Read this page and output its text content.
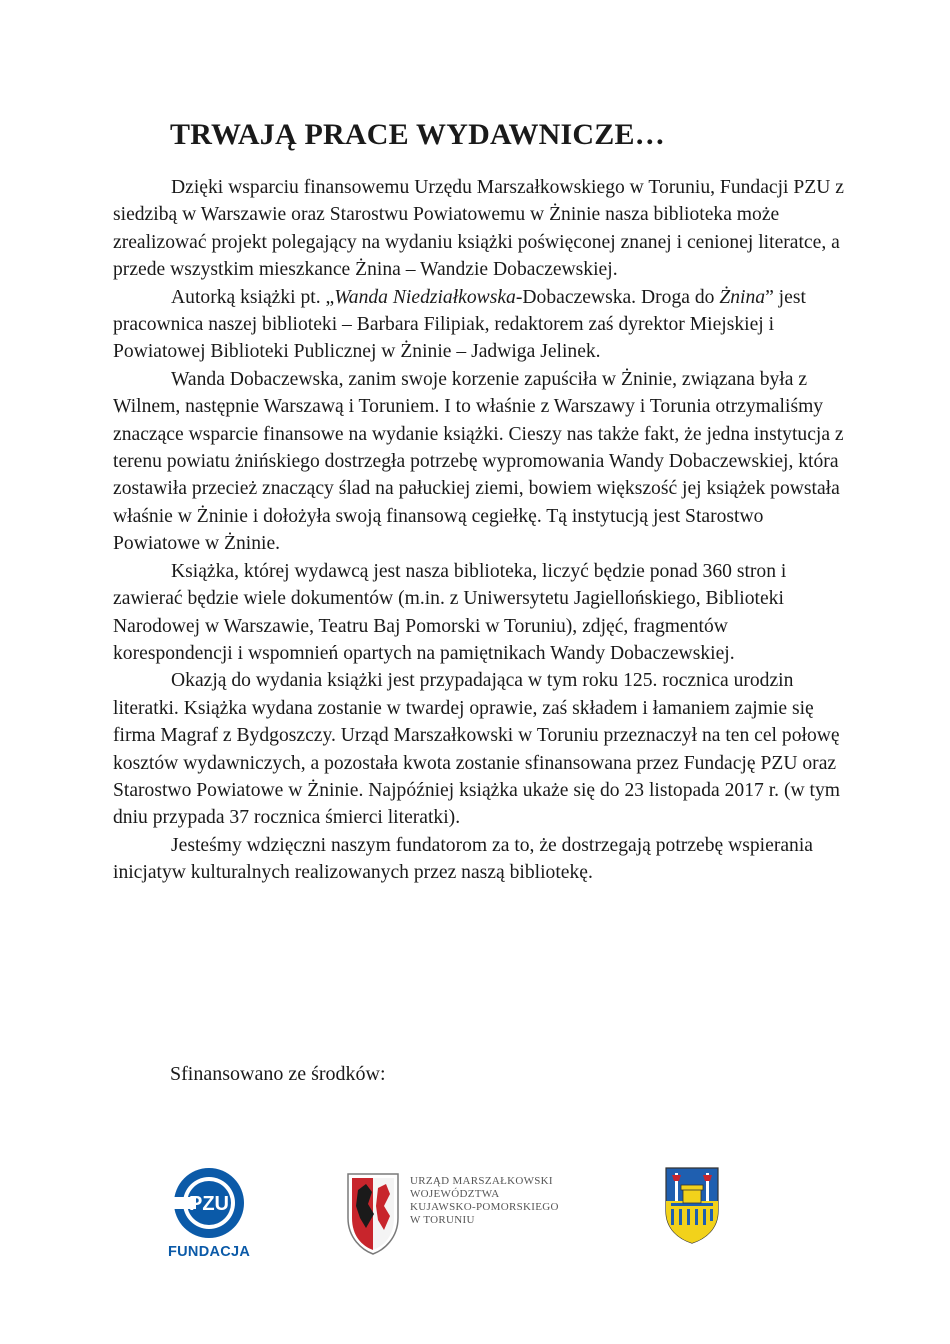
TRWAJĄ PRACE WYDAWNICZE…

Dzięki wsparciu finansowemu Urzędu Marszałkowskiego w Toruniu, Fundacji PZU z siedzibą w Warszawie oraz Starostwu Powiatowemu w Żninie nasza biblioteka może zrealizować projekt polegający na wydaniu książki poświęconej znanej i cenionej literatce, a przede wszystkim mieszkance Żnina – Wandzie Dobaczewskiej.

Autorką książki pt. „Wanda Niedziałkowska-Dobaczewska. Droga do Żnina” jest pracownica naszej biblioteki – Barbara Filipiak, redaktorem zaś dyrektor Miejskiej i Powiatowej Biblioteki Publicznej w Żninie – Jadwiga Jelinek.

Wanda Dobaczewska, zanim swoje korzenie zapuściła w Żninie, związana była z Wilnem, następnie Warszawą i Toruniem. I to właśnie z Warszawy i Torunia otrzymaliśmy znaczące wsparcie finansowe na wydanie książki. Cieszy nas także fakt, że jedna instytucja z terenu powiatu żnińskiego dostrzegła potrzebę wypromowania Wandy Dobaczewskiej, która zostawiła przecież znaczący ślad na pałuckiej ziemi, bowiem większość jej książek powstała właśnie w Żninie i dołożyła swoją finansową cegiełkę. Tą instytucją jest Starostwo Powiatowe w Żninie.

Książka, której wydawcą jest nasza biblioteka, liczyć będzie ponad 360 stron i zawierać będzie wiele dokumentów (m.in. z Uniwersytetu Jagiellońskiego, Biblioteki Narodowej w Warszawie, Teatru Baj Pomorski w Toruniu), zdjęć, fragmentów korespondencji i wspomnień opartych na pamiętnikach Wandy Dobaczewskiej.

Okazją do wydania książki jest przypadająca w tym roku 125. rocznica urodzin literatki. Książka wydana zostanie w twardej oprawie, zaś składem i łamaniem zajmie się firma Magraf z Bydgoszczy. Urząd Marszałkowski w Toruniu przeznaczył na ten cel połowę kosztów wydawniczych, a pozostała kwota zostanie sfinansowana przez Fundację PZU oraz Starostwo Powiatowe w Żninie. Najpóźniej książka ukaże się do 23 listopada 2017 r. (w tym dniu przypada 37 rocznica śmierci literatki).

Jesteśmy wdzięczni naszym fundatorom za to, że dostrzegają potrzebę wspierania inicjatyw kulturalnych realizowanych przez naszą bibliotekę.

Sfinansowano ze środków:
PZU
FUNDACJA
URZĄD MARSZAŁKOWSKI
WOJEWÓDZTWA
KUJAWSKO-POMORSKIEGO
W TORUNIU
